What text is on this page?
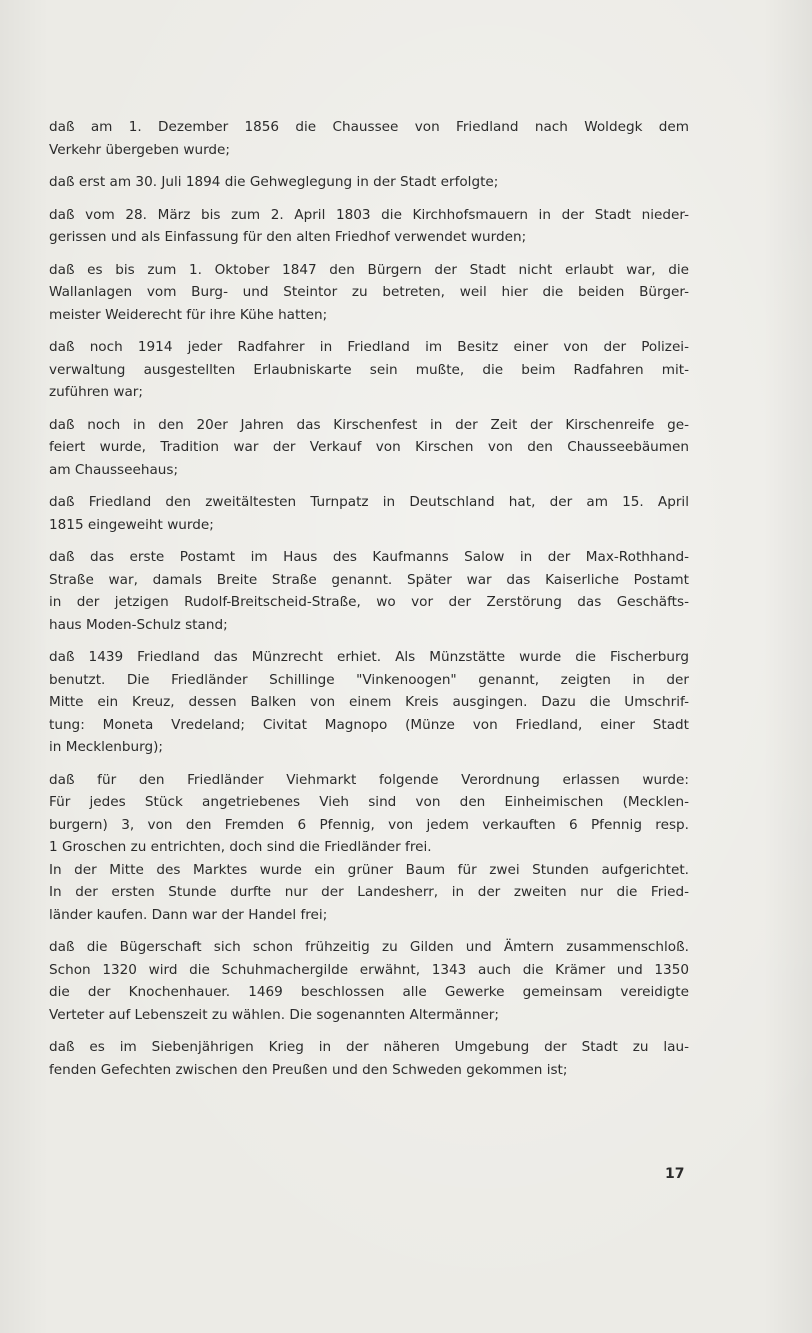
daß am 1. Dezember 1856 die Chaussee von Friedland nach Woldegk dem
Verkehr übergeben wurde;

daß erst am 30. Juli 1894 die Gehweglegung in der Stadt erfolgte;

daß vom 28. März bis zum 2. April 1803 die Kirchhofsmauern in der Stadt nieder-
gerissen und als Einfassung für den alten Friedhof verwendet wurden;

daß es bis zum 1. Oktober 1847 den Bürgern der Stadt nicht erlaubt war, die
Wallanlagen vom Burg- und Steintor zu betreten, weil hier die beiden Bürger-
meister Weiderecht für ihre Kühe hatten;

daß noch 1914 jeder Radfahrer in Friedland im Besitz einer von der Polizei-
verwaltung ausgestellten Erlaubniskarte sein mußte, die beim Radfahren mit-
zuführen war;

daß noch in den 20er Jahren das Kirschenfest in der Zeit der Kirschenreife ge-
feiert wurde, Tradition war der Verkauf von Kirschen von den Chausseebäumen
am Chausseehaus;

daß Friedland den zweitältesten Turnpatz in Deutschland hat, der am 15. April
1815 eingeweiht wurde;

daß das erste Postamt im Haus des Kaufmanns Salow in der Max-Rothhand-
Straße war, damals Breite Straße genannt. Später war das Kaiserliche Postamt
in der jetzigen Rudolf-Breitscheid-Straße, wo vor der Zerstörung das Geschäfts-
haus Moden-Schulz stand;

daß 1439 Friedland das Münzrecht erhiet. Als Münzstätte wurde die Fischerburg
benutzt. Die Friedländer Schillinge "Vinkenoogen" genannt, zeigten in der
Mitte ein Kreuz, dessen Balken von einem Kreis ausgingen. Dazu die Umschrif-
tung: Moneta Vredeland; Civitat Magnopo (Münze von Friedland, einer Stadt
in Mecklenburg);

daß für den Friedländer Viehmarkt folgende Verordnung erlassen wurde:
Für jedes Stück angetriebenes Vieh sind von den Einheimischen (Mecklen-
burgern) 3, von den Fremden 6 Pfennig, von jedem verkauften 6 Pfennig resp.
1 Groschen zu entrichten, doch sind die Friedländer frei.
In der Mitte des Marktes wurde ein grüner Baum für zwei Stunden aufgerichtet.
In der ersten Stunde durfte nur der Landesherr, in der zweiten nur die Fried-
länder kaufen. Dann war der Handel frei;

daß die Bügerschaft sich schon frühzeitig zu Gilden und Ämtern zusammenschloß.
Schon 1320 wird die Schuhmachergilde erwähnt, 1343 auch die Krämer und 1350
die der Knochenhauer. 1469 beschlossen alle Gewerke gemeinsam vereidigte
Verteter auf Lebenszeit zu wählen. Die sogenannten Altermänner;

daß es im Siebenjährigen Krieg in der näheren Umgebung der Stadt zu lau-
fenden Gefechten zwischen den Preußen und den Schweden gekommen ist;

17
